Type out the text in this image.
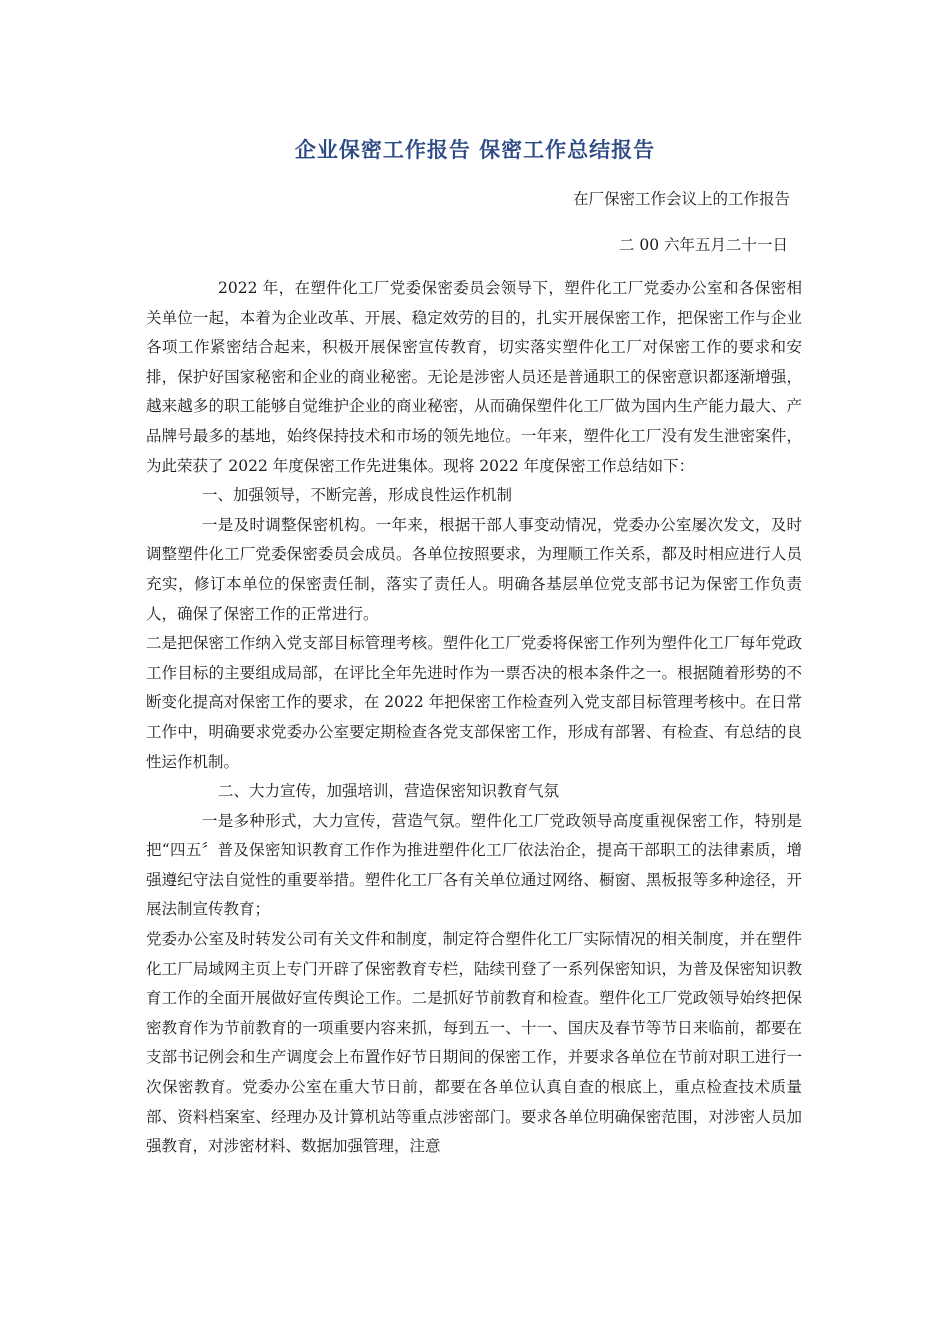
企业保密工作报告 保密工作总结报告
在厂保密工作会议上的工作报告
二 00 六年五月二十一日

2022 年，在塑件化工厂党委保密委员会领导下，塑件化工厂党委办公室和各保密相关单位一起，本着为企业改革、开展、稳定效劳的目的，扎实开展保密工作，把保密工作与企业各项工作紧密结合起来，积极开展保密宣传教育，切实落实塑件化工厂对保密工作的要求和安排，保护好国家秘密和企业的商业秘密。无论是涉密人员还是普通职工的保密意识都逐渐增强，越来越多的职工能够自觉维护企业的商业秘密，从而确保塑件化工厂做为国内生产能力最大、产品牌号最多的基地，始终保持技术和市场的领先地位。一年来，塑件化工厂没有发生泄密案件，为此荣获了 2022 年度保密工作先进集体。现将 2022 年度保密工作总结如下：

一、加强领导，不断完善，形成良性运作机制

一是及时调整保密机构。一年来，根据干部人事变动情况，党委办公室屡次发文，及时调整塑件化工厂党委保密委员会成员。各单位按照要求，为理顺工作关系，都及时相应进行人员充实，修订本单位的保密责任制，落实了责任人。明确各基层单位党支部书记为保密工作负责人，确保了保密工作的正常进行。

二是把保密工作纳入党支部目标管理考核。塑件化工厂党委将保密工作列为塑件化工厂每年党政工作目标的主要组成局部，在评比全年先进时作为一票否决的根本条件之一。根据随着形势的不断变化提高对保密工作的要求，在 2022 年把保密工作检查列入党支部目标管理考核中。在日常工作中，明确要求党委办公室要定期检查各党支部保密工作，形成有部署、有检查、有总结的良性运作机制。

二、大力宣传，加强培训，营造保密知识教育气氛

一是多种形式，大力宣传，营造气氛。塑件化工厂党政领导高度重视保密工作，特别是把“四五〞普及保密知识教育工作作为推进塑件化工厂依法治企，提高干部职工的法律素质，增强遵纪守法自觉性的重要举措。塑件化工厂各有关单位通过网络、橱窗、黑板报等多种途径，开展法制宣传教育；

党委办公室及时转发公司有关文件和制度，制定符合塑件化工厂实际情况的相关制度，并在塑件化工厂局域网主页上专门开辟了保密教育专栏，陆续刊登了一系列保密知识，为普及保密知识教育工作的全面开展做好宣传舆论工作。二是抓好节前教育和检查。塑件化工厂党政领导始终把保密教育作为节前教育的一项重要内容来抓，每到五一、十一、国庆及春节等节日来临前，都要在支部书记例会和生产调度会上布置作好节日期间的保密工作，并要求各单位在节前对职工进行一次保密教育。党委办公室在重大节日前，都要在各单位认真自查的根底上，重点检查技术质量部、资料档案室、经理办及计算机站等重点涉密部门。要求各单位明确保密范围，对涉密人员加强教育，对涉密材料、数据加强管理，注意
